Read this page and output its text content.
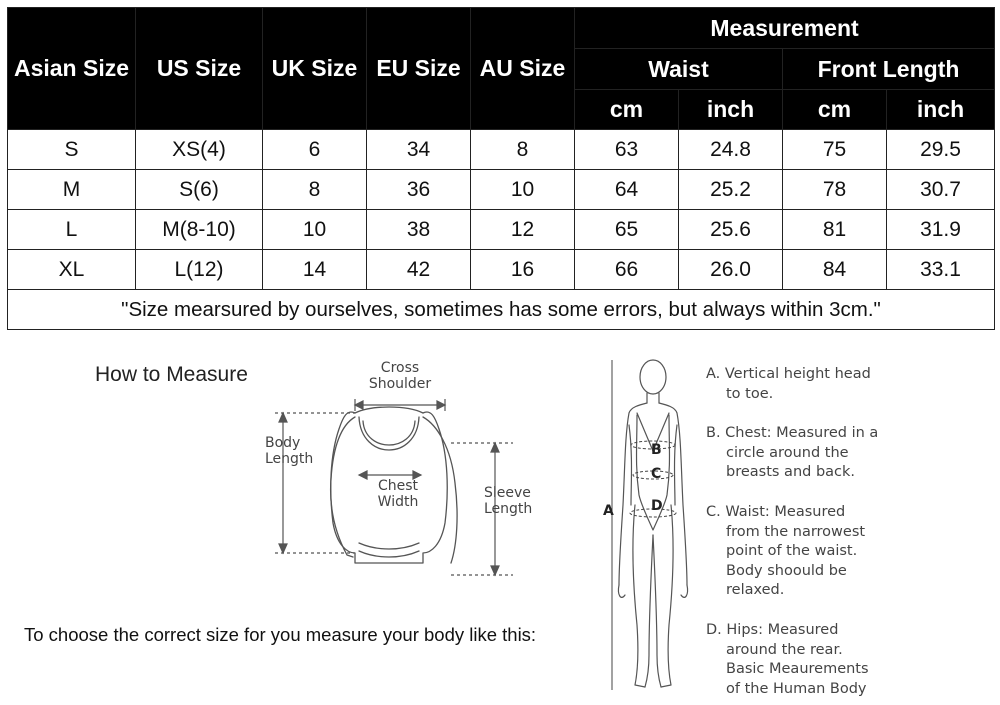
Asian Size	US Size	UK Size	EU Size	AU Size	Measurement			
					Waist		Front Length	
					cm	inch	cm	inch
S	XS(4)	6	34	8	63	24.8	75	29.5
M	S(6)	8	36	10	64	25.2	78	30.7
L	M(8-10)	10	38	12	65	25.6	81	31.9
XL	L(12)	14	42	16	66	26.0	84	33.1
"Size mearsured by ourselves, sometimes has some errors, but always within 3cm."								
How to Measure	Cross
Shoulder
Body
Length
Chest
Width
Sleeve
Length
To choose the correct size for you measure your body like this:
A
B
C
D
A. Vertical height head
to toe.
B. Chest: Measured in a
circle around the
breasts and back.
C. Waist: Measured
from the narrowest
point of the waist.
Body shoould be
relaxed.
D. Hips: Measured
around the rear.
Basic Meaurements
of the Human Body
